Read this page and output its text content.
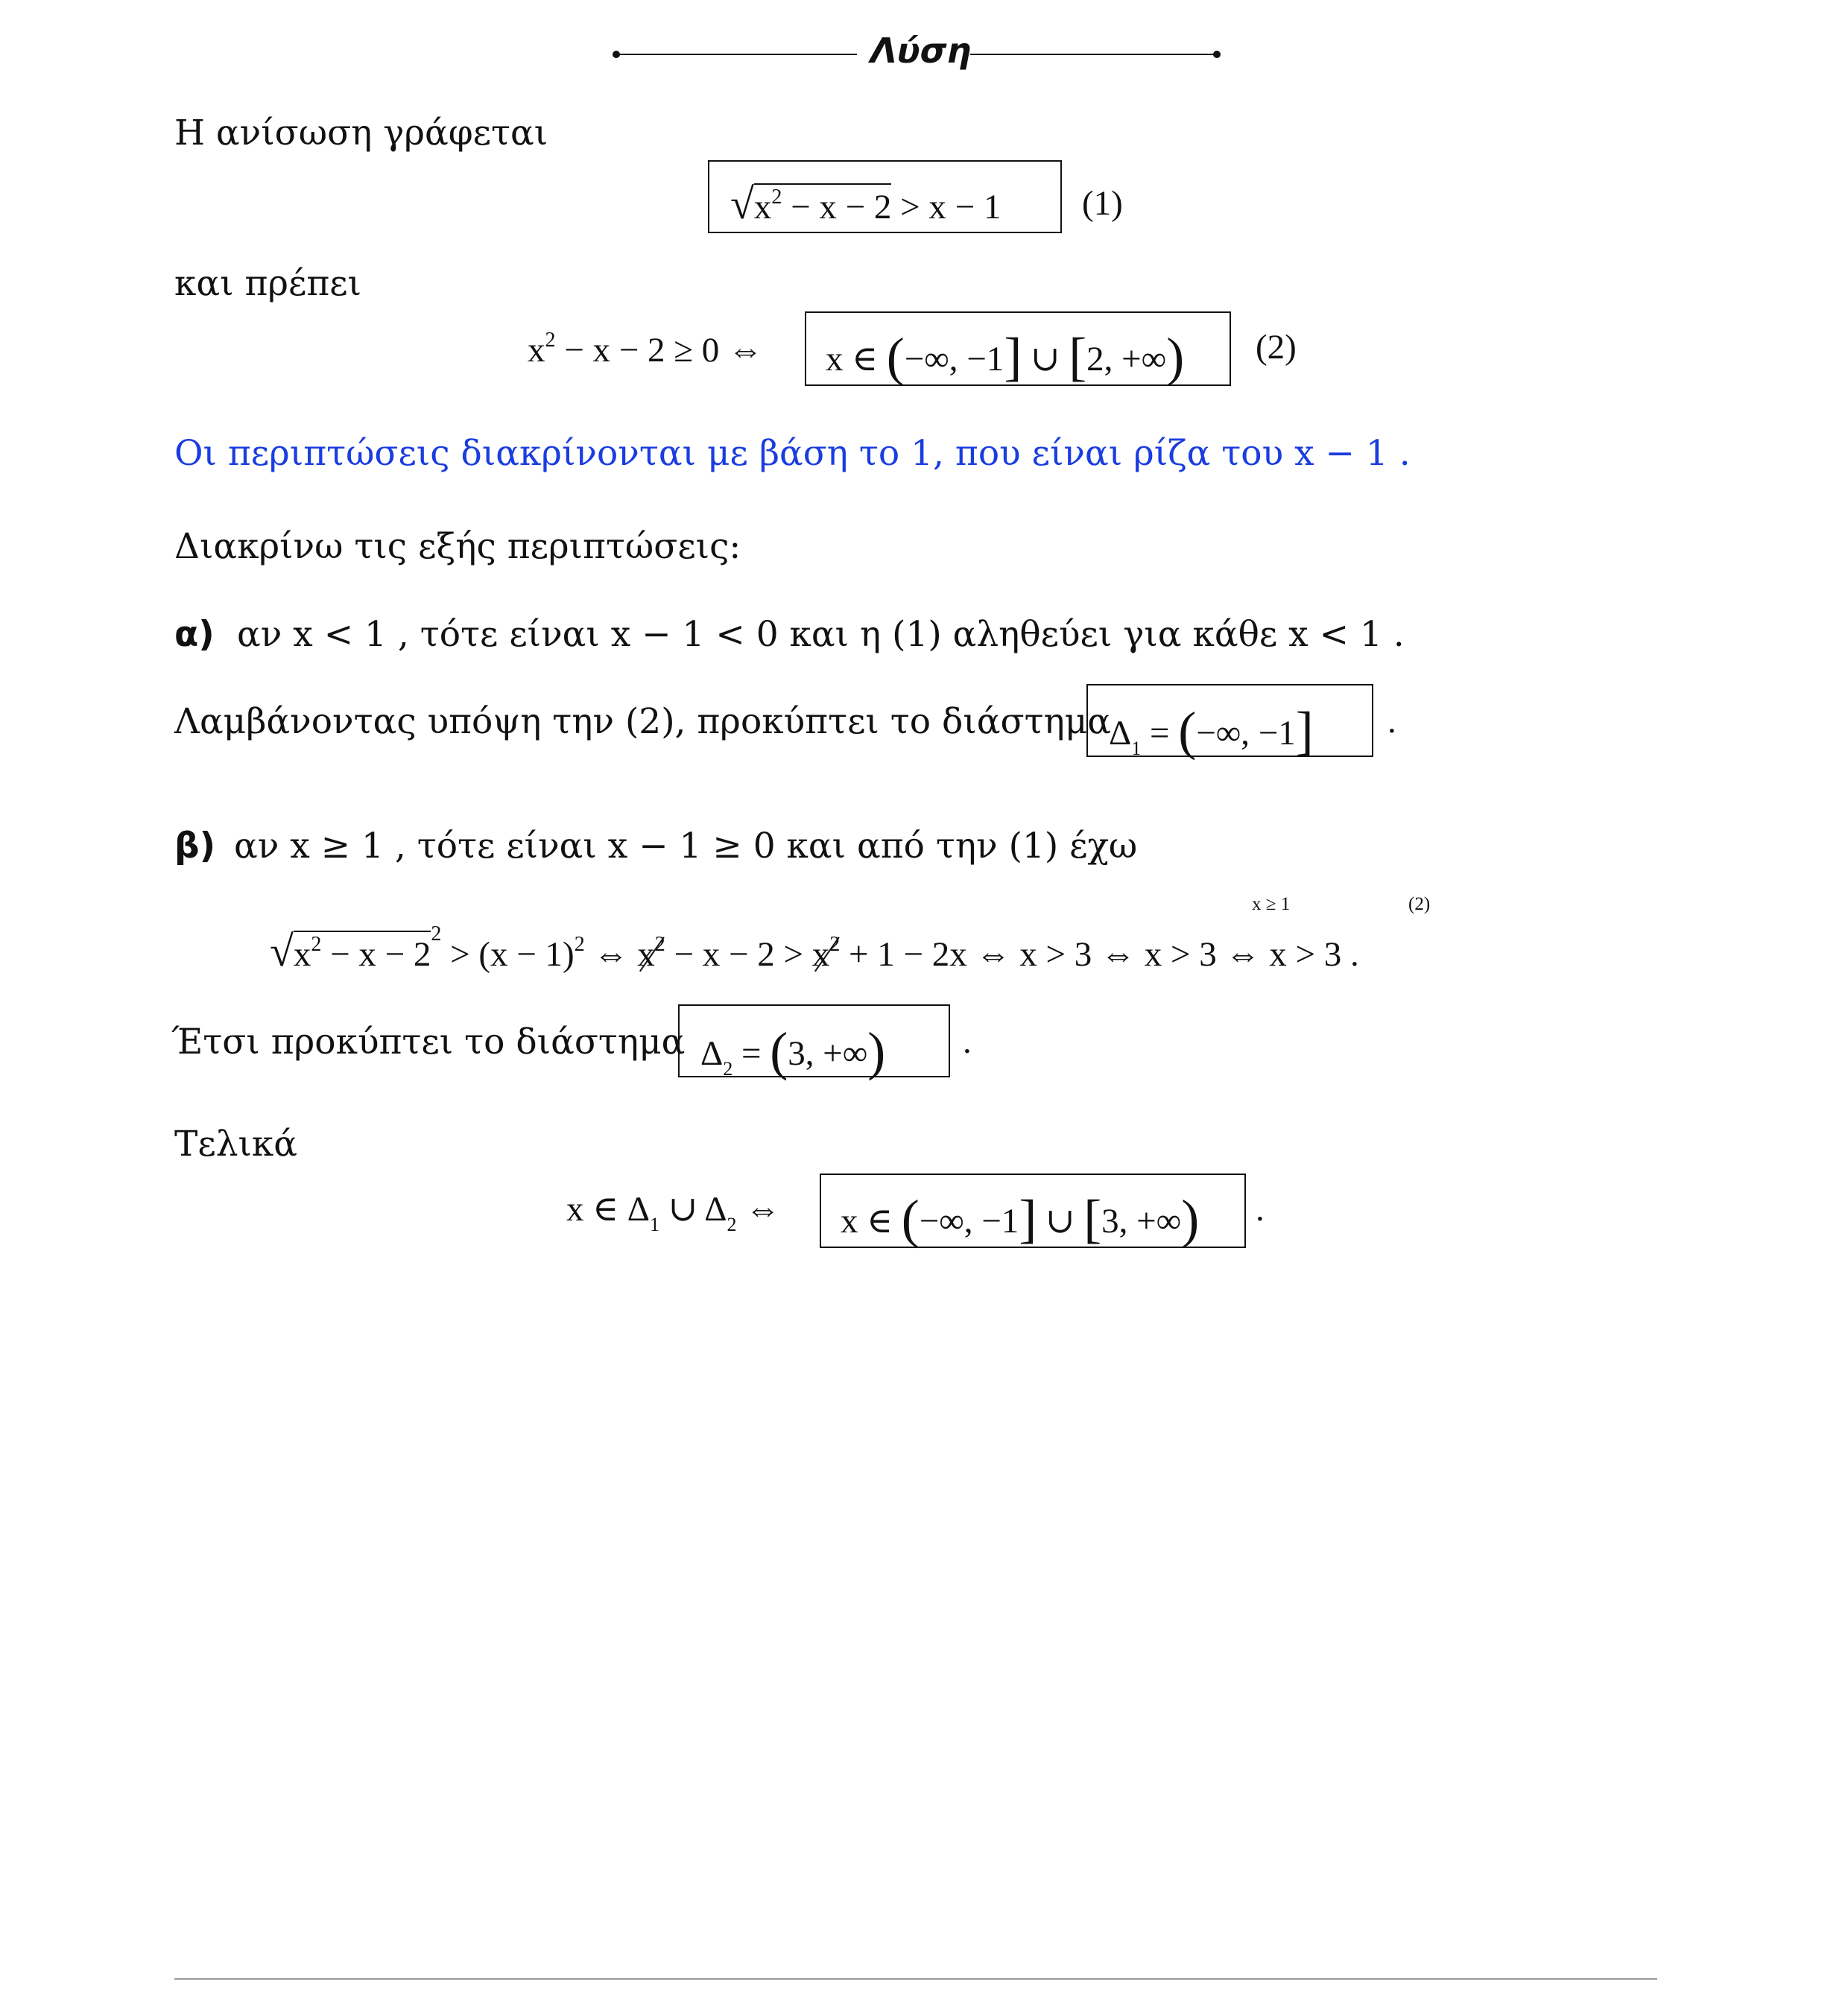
Λύση
Η ανίσωση γράφεται
$√x^2 - x - 2 > x - 1$ (1)
και πρέπει
$x^2 - x - 2 \ge 0$ ⇔ x ∈ (−∞, −1] ∪ [2, +∞) (2)
Οι περιπτώσεις διακρίνονται με βάση το 1, που είναι ρίζα του x − 1 .
Διακρίνω τις εξής περιπτώσεις:
α) αν x < 1 , τότε είναι x − 1 < 0 και η (1) αληθεύει για κάθε x < 1 .
Λαμβάνοντας υπόψη την (2), προκύπτει το διάστημα
$\Delta_1$ = (−∞, −1] .
β) αν x ≥ 1 , τότε είναι x − 1 ≥ 0 και από την (1) έχω
$√x^2 - x - 2^2 > (x - 1)^2$ ⇔ $x^2 - x - 2 > x^2 + 1 - 2x$ ⇔ x > 3 ⇔ x > 3 ⇔ x > 3 .
x ≥ 1	(2)
Έτσι προκύπτει το διάστημα $\Delta_2 = (3$, +∞) .
Τελικά
x ∈ $\Delta_1$ ∪ $\Delta_2$ ⇔ x ∈ (−∞, −1] ∪ [3, +∞) .
